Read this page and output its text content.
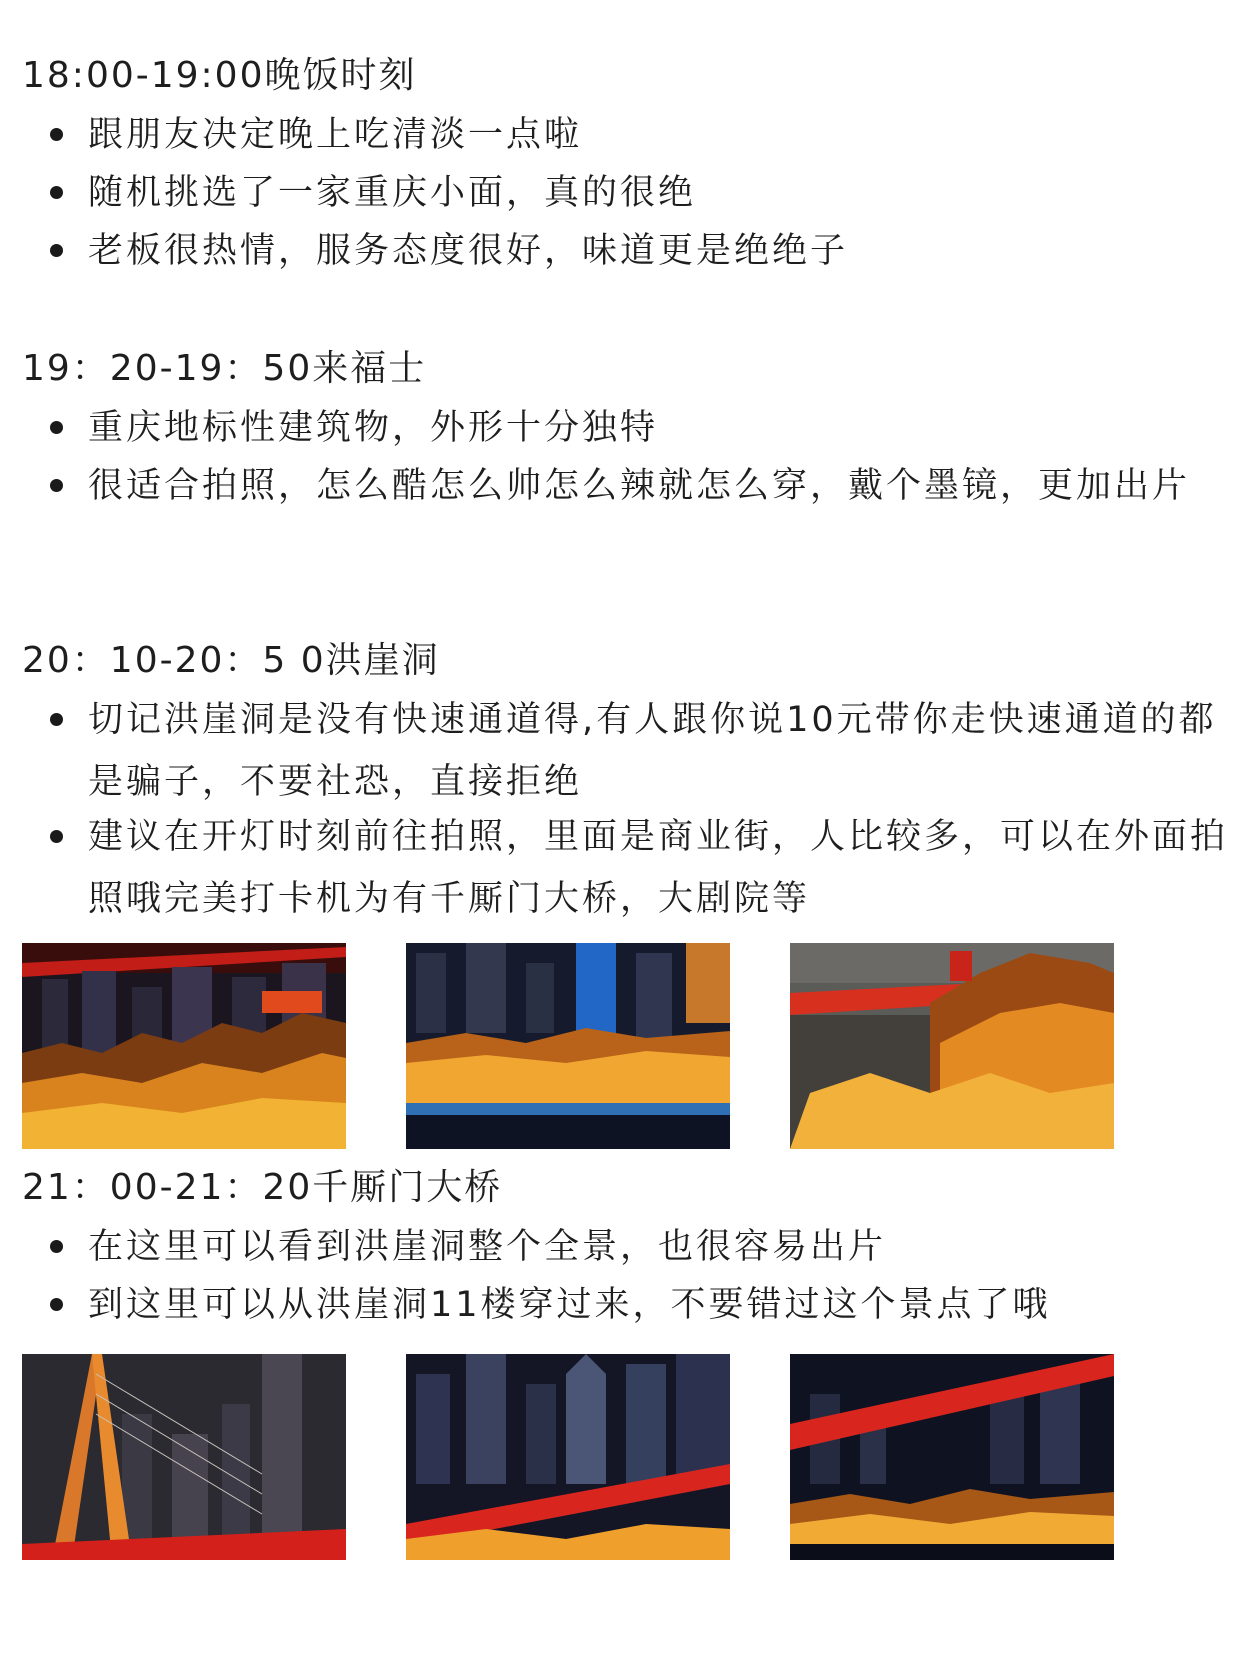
18:00-19:00晚饭时刻
跟朋友决定晚上吃清淡一点啦
随机挑选了一家重庆小面，真的很绝
老板很热情，服务态度很好，味道更是绝绝子
19：20-19：50来福士
重庆地标性建筑物，外形十分独特
很适合拍照，怎么酷怎么帅怎么辣就怎么穿，戴个墨镜，更加出片
20：10-20：5 0洪崖洞
切记洪崖洞是没有快速通道得,有人跟你说10元带你走快速通道的都是骗子，不要社恐，直接拒绝
建议在开灯时刻前往拍照，里面是商业街，人比较多，可以在外面拍照哦完美打卡机为有千厮门大桥，大剧院等
21：00-21：20千厮门大桥
在这里可以看到洪崖洞整个全景，也很容易出片
到这里可以从洪崖洞11楼穿过来，不要错过这个景点了哦
